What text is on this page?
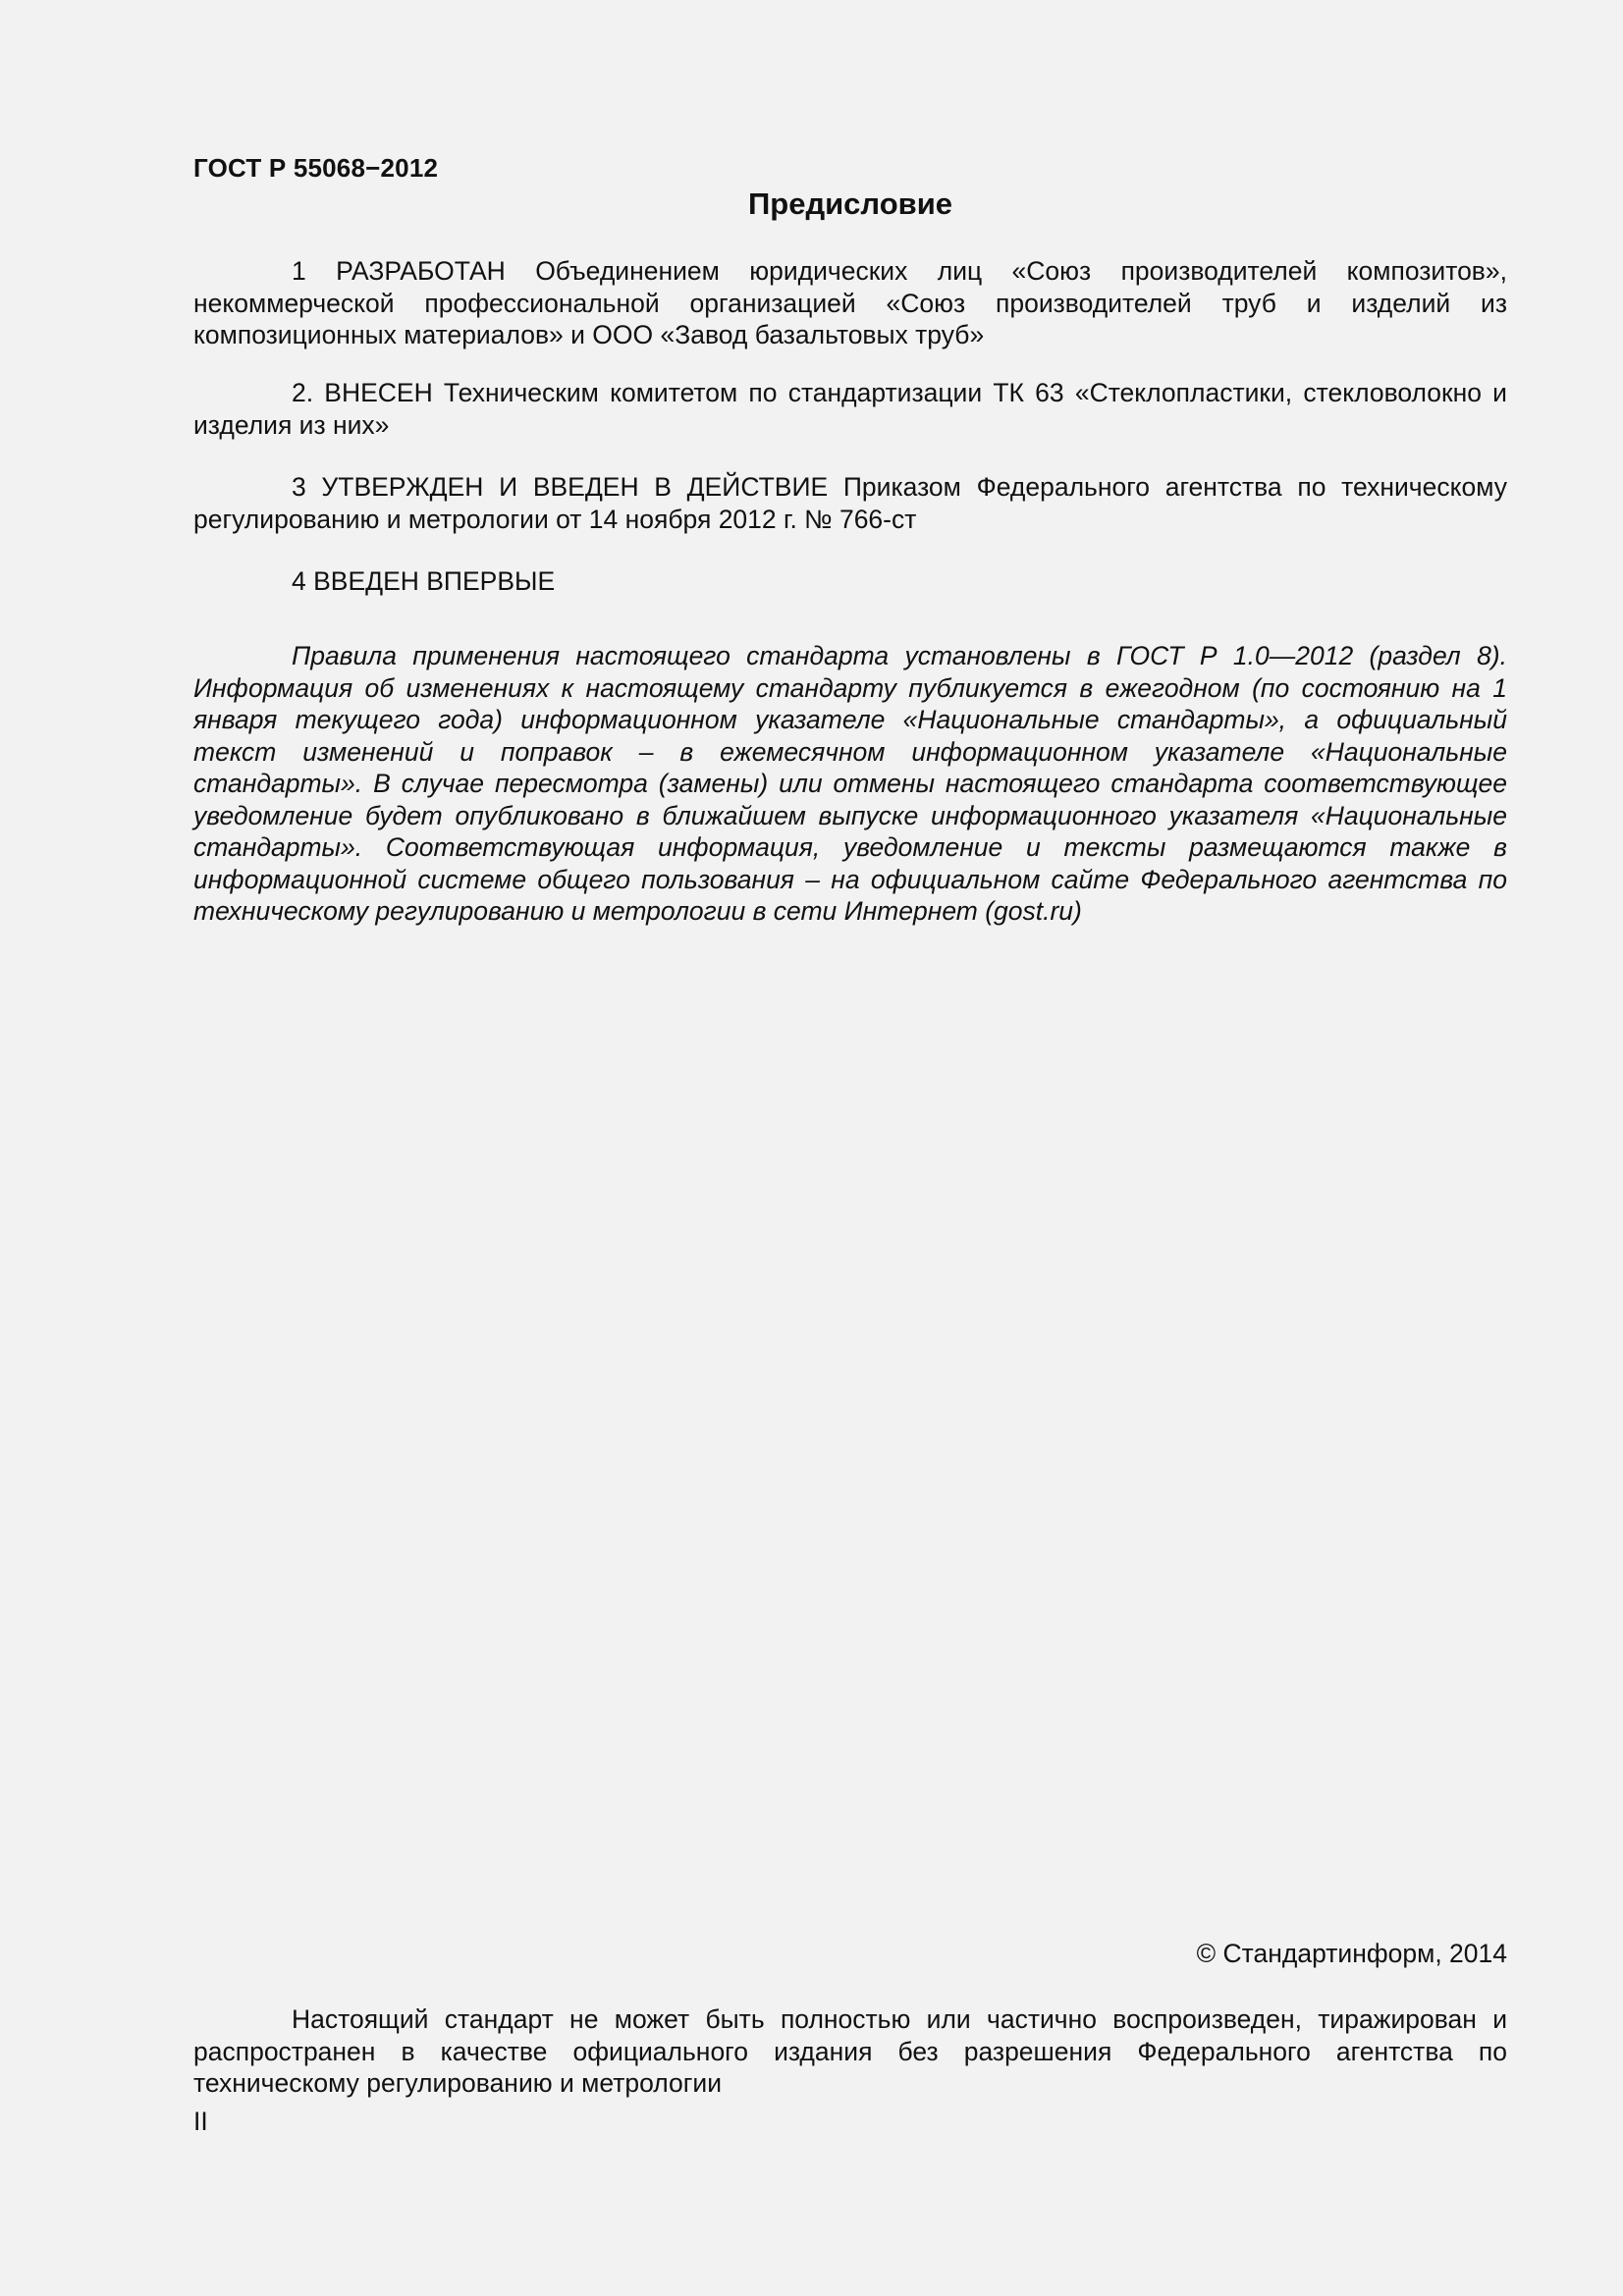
ГОСТ Р 55068−2012
Предисловие

1 РАЗРАБОТАН Объединением юридических лиц «Союз производителей композитов», некоммерческой профессиональной организацией «Союз производителей труб и изделий из композиционных материалов» и ООО «Завод базальтовых труб»

2. ВНЕСЕН Техническим комитетом по стандартизации ТК 63 «Стеклопластики, стекловолокно и изделия из них»

3 УТВЕРЖДЕН И ВВЕДЕН В ДЕЙСТВИЕ Приказом Федерального агентства по техническому регулированию и метрологии от 14 ноября 2012 г. № 766-ст

4 ВВЕДЕН ВПЕРВЫЕ

Правила применения настоящего стандарта установлены в ГОСТ Р 1.0—2012 (раздел 8). Информация об изменениях к настоящему стандарту публикуется в ежегодном (по состоянию на 1 января текущего года) информационном указателе «Национальные стандарты», а официальный текст изменений и поправок – в ежемесячном информационном указателе «Национальные стандарты». В случае пересмотра (замены) или отмены настоящего стандарта соответствующее уведомление будет опубликовано в ближайшем выпуске информационного указателя «Национальные стандарты». Соответствующая информация, уведомление и тексты размещаются также в информационной системе общего пользования – на официальном сайте Федерального агентства по техническому регулированию и метрологии в сети Интернет (gost.ru)

© Стандартинформ, 2014

Настоящий стандарт не может быть полностью или частично воспроизведен, тиражирован и распространен в качестве официального издания без разрешения Федерального агентства по техническому регулированию и метрологии

II
